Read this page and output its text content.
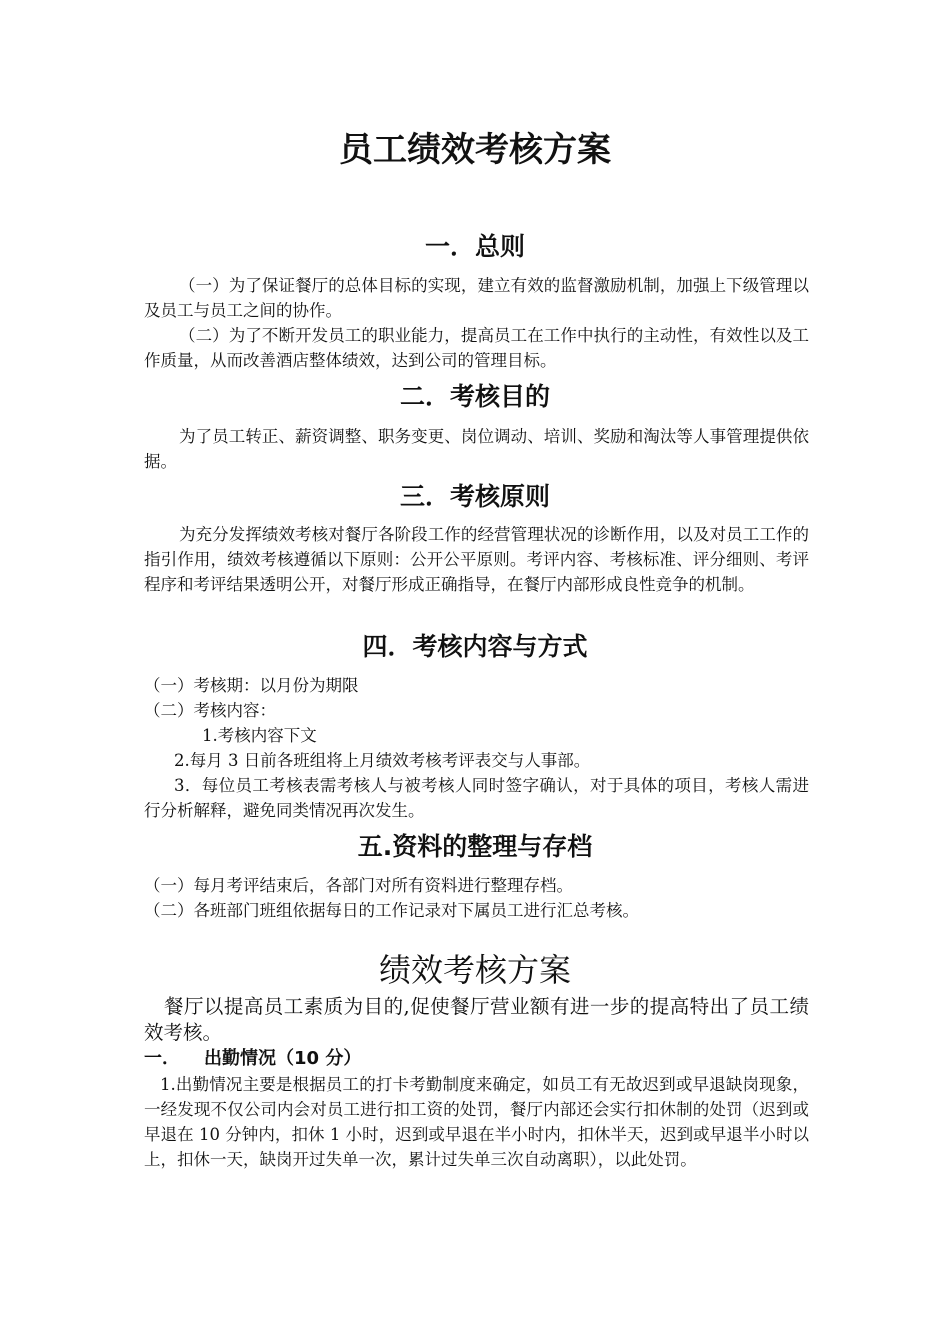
员工绩效考核方案
一．总则

（一）为了保证餐厅的总体目标的实现，建立有效的监督激励机制，加强上下级管理以及员工与员工之间的协作。

（二）为了不断开发员工的职业能力，提高员工在工作中执行的主动性，有效性以及工作质量，从而改善酒店整体绩效，达到公司的管理目标。

二．考核目的

为了员工转正、薪资调整、职务变更、岗位调动、培训、奖励和淘汰等人事管理提供依据。

三．考核原则

为充分发挥绩效考核对餐厅各阶段工作的经营管理状况的诊断作用，以及对员工工作的指引作用，绩效考核遵循以下原则：公开公平原则。考评内容、考核标准、评分细则、考评程序和考评结果透明公开，对餐厅形成正确指导，在餐厅内部形成良性竞争的机制。

四．考核内容与方式

（一）考核期：以月份为期限

（二）考核内容：

1.考核内容下文

2.每月 3 日前各班组将上月绩效考核考评表交与人事部。

3．每位员工考核表需考核人与被考核人同时签字确认，对于具体的项目，考核人需进行分析解释，避免同类情况再次发生。

五.资料的整理与存档

（一）每月考评结束后，各部门对所有资料进行整理存档。

（二）各班部门班组依据每日的工作记录对下属员工进行汇总考核。

绩效考核方案

餐厅以提高员工素质为目的,促使餐厅营业额有进一步的提高特出了员工绩效考核。

一． 出勤情况（10 分）

1.出勤情况主要是根据员工的打卡考勤制度来确定，如员工有无故迟到或早退缺岗现象，一经发现不仅公司内会对员工进行扣工资的处罚，餐厅内部还会实行扣休制的处罚（迟到或早退在 10 分钟内，扣休 1 小时，迟到或早退在半小时内，扣休半天，迟到或早退半小时以上，扣休一天，缺岗开过失单一次，累计过失单三次自动离职），以此处罚。
